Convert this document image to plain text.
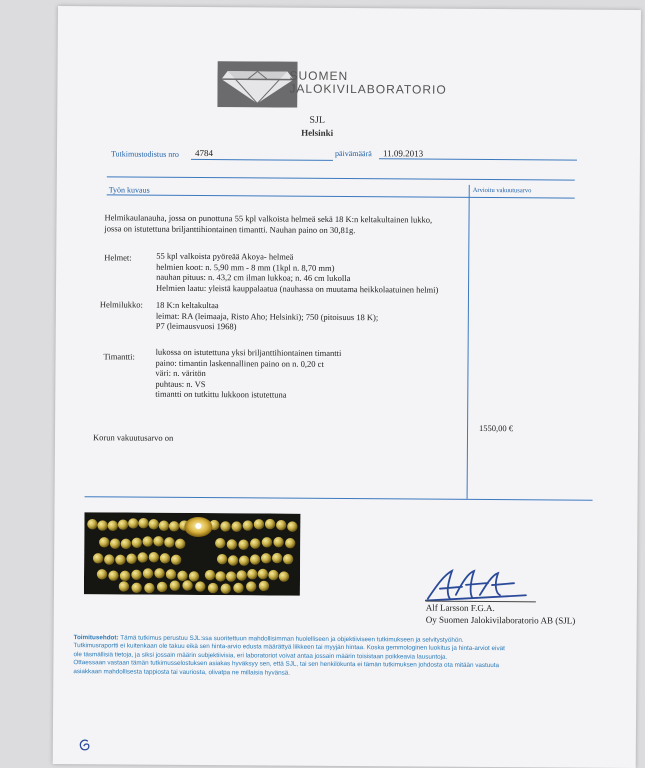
SUOMEN
JALOKIVILABORATORIO
SJL
Helsinki
Tutkimustodistus nro 4784	päivämäärä 11.09.2013
Työn kuvaus	Arvioitu vakuutusarvo
Helmikaulanauha, jossa on punottuna 55 kpl valkoista helmeä sekä 18 K:n keltakultainen lukko,
jossa on istutettuna briljanttihiontainen timantti. Nauhan paino on 30,81g.
Helmet:	55 kpl valkoista pyöreää Akoya- helmeä
helmien koot: n. 5,90 mm - 8 mm (1kpl n. 8,70 mm)
nauhan pituus: n. 43,2 cm ilman lukkoa; n. 46 cm lukolla
Helmien laatu: yleistä kauppalaatua (nauhassa on muutama heikkolaatuinen helmi)
Helmilukko: 18 K:n keltakultaa
leimat: RA (leimaaja, Risto Aho; Helsinki); 750 (pitoisuus 18 K);
P7 (leimausvuosi 1968)
Timantti: lukossa on istutettuna yksi briljanttihiontainen timantti
paino: timantin laskennallinen paino on n. 0,20 ct
väri: n. väritön
puhtaus: n. VS
timantti on tutkittu lukkoon istutettuna
Korun vakuutusarvo on
1550,00 €
Alf Larsson F.G.A.
Oy Suomen Jalokivilaboratorio AB (SJL)
Toimitusehdot: Tämä tutkimus perustuu SJL:ssa suoritettuun mahdollisimman huolelliseen ja objektiiviseen tutkimukseen ja selvitystyöhön.
Tutkimusraportti ei kuitenkaan ole takuu eikä sen hinta-arvio edusta määrättyä liikkeen tai myyjän hintaa. Koska gemmologinen luokitus ja hinta-arviot eivät
ole täsmällisiä tietoja, ja siksi jossain määrin subjektiivisia, eri laboratoriot voivat antaa jossain määrin toisistaan poikkeavia lausuntoja.
Ottaessaan vastaan tämän tutkimusselostuksen asiakas hyväksyy sen, että SJL, tai sen henkilökunta ei tämän tutkimuksen johdosta ota mitään vastuuta
asiakkaan mahdollisesta tappiosta tai vauriosta, olivatpa ne millaisia hyvänsä.
